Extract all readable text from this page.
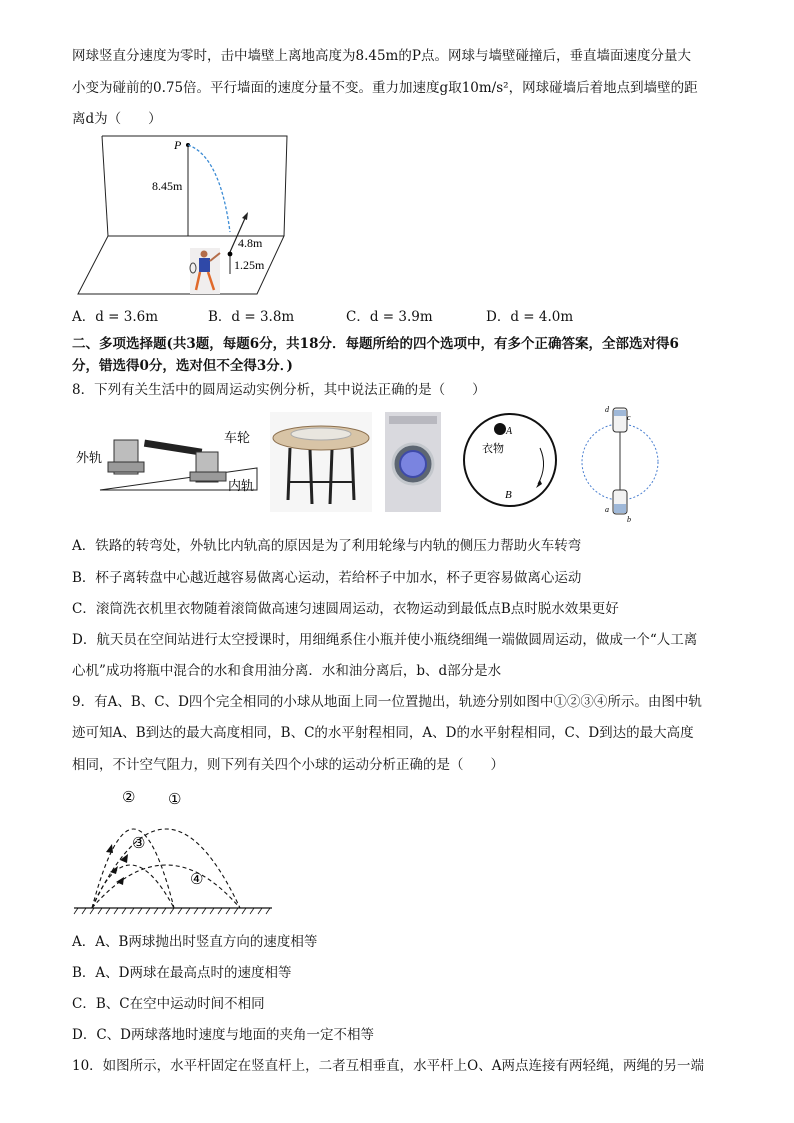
网球竖直分速度为零时，击中墙壁上离地高度为8.45m的P点。网球与墙壁碰撞后，垂直墙面速度分量大
小变为碰前的0.75倍。平行墙面的速度分量不变。重力加速度g取10m/s²，网球碰墙后着地点到墙壁的距
离d为（　　）
P
8.45m
4.8m
1.25m
A．d = 3.6m	B．d = 3.8m	C．d = 3.9m	D．d = 4.0m
二、多项选择题(共3题，每题6分，共18分．每题所给的四个选项中，有多个正确答案，全部选对得6
分，错选得0分，选对但不全得3分．)
8．下列有关生活中的圆周运动实例分析，其中说法正确的是（　　）
外轨
车轮
内轨
A
衣物
B
d
c
a
b
A．铁路的转弯处，外轨比内轨高的原因是为了利用轮缘与内轨的侧压力帮助火车转弯
B．杯子离转盘中心越近越容易做离心运动，若给杯子中加水，杯子更容易做离心运动
C．滚筒洗衣机里衣物随着滚筒做高速匀速圆周运动，衣物运动到最低点B点时脱水效果更好
D．航天员在空间站进行太空授课时，用细绳系住小瓶并使小瓶绕细绳一端做圆周运动，做成一个“人工离
心机”成功将瓶中混合的水和食用油分离．水和油分离后，b、d部分是水
9．有A、B、C、D四个完全相同的小球从地面上同一位置抛出，轨迹分别如图中①②③④所示。由图中轨
迹可知A、B到达的最大高度相同，B、C的水平射程相同，A、D的水平射程相同，C、D到达的最大高度
相同，不计空气阻力，则下列有关四个小球的运动分析正确的是（　　）
② ①
③
④
A．A、B两球抛出时竖直方向的速度相等
B．A、D两球在最高点时的速度相等
C．B、C在空中运动时间不相同
D．C、D两球落地时速度与地面的夹角一定不相等
10．如图所示，水平杆固定在竖直杆上，二者互相垂直，水平杆上O、A两点连接有两轻绳，两绳的另一端
